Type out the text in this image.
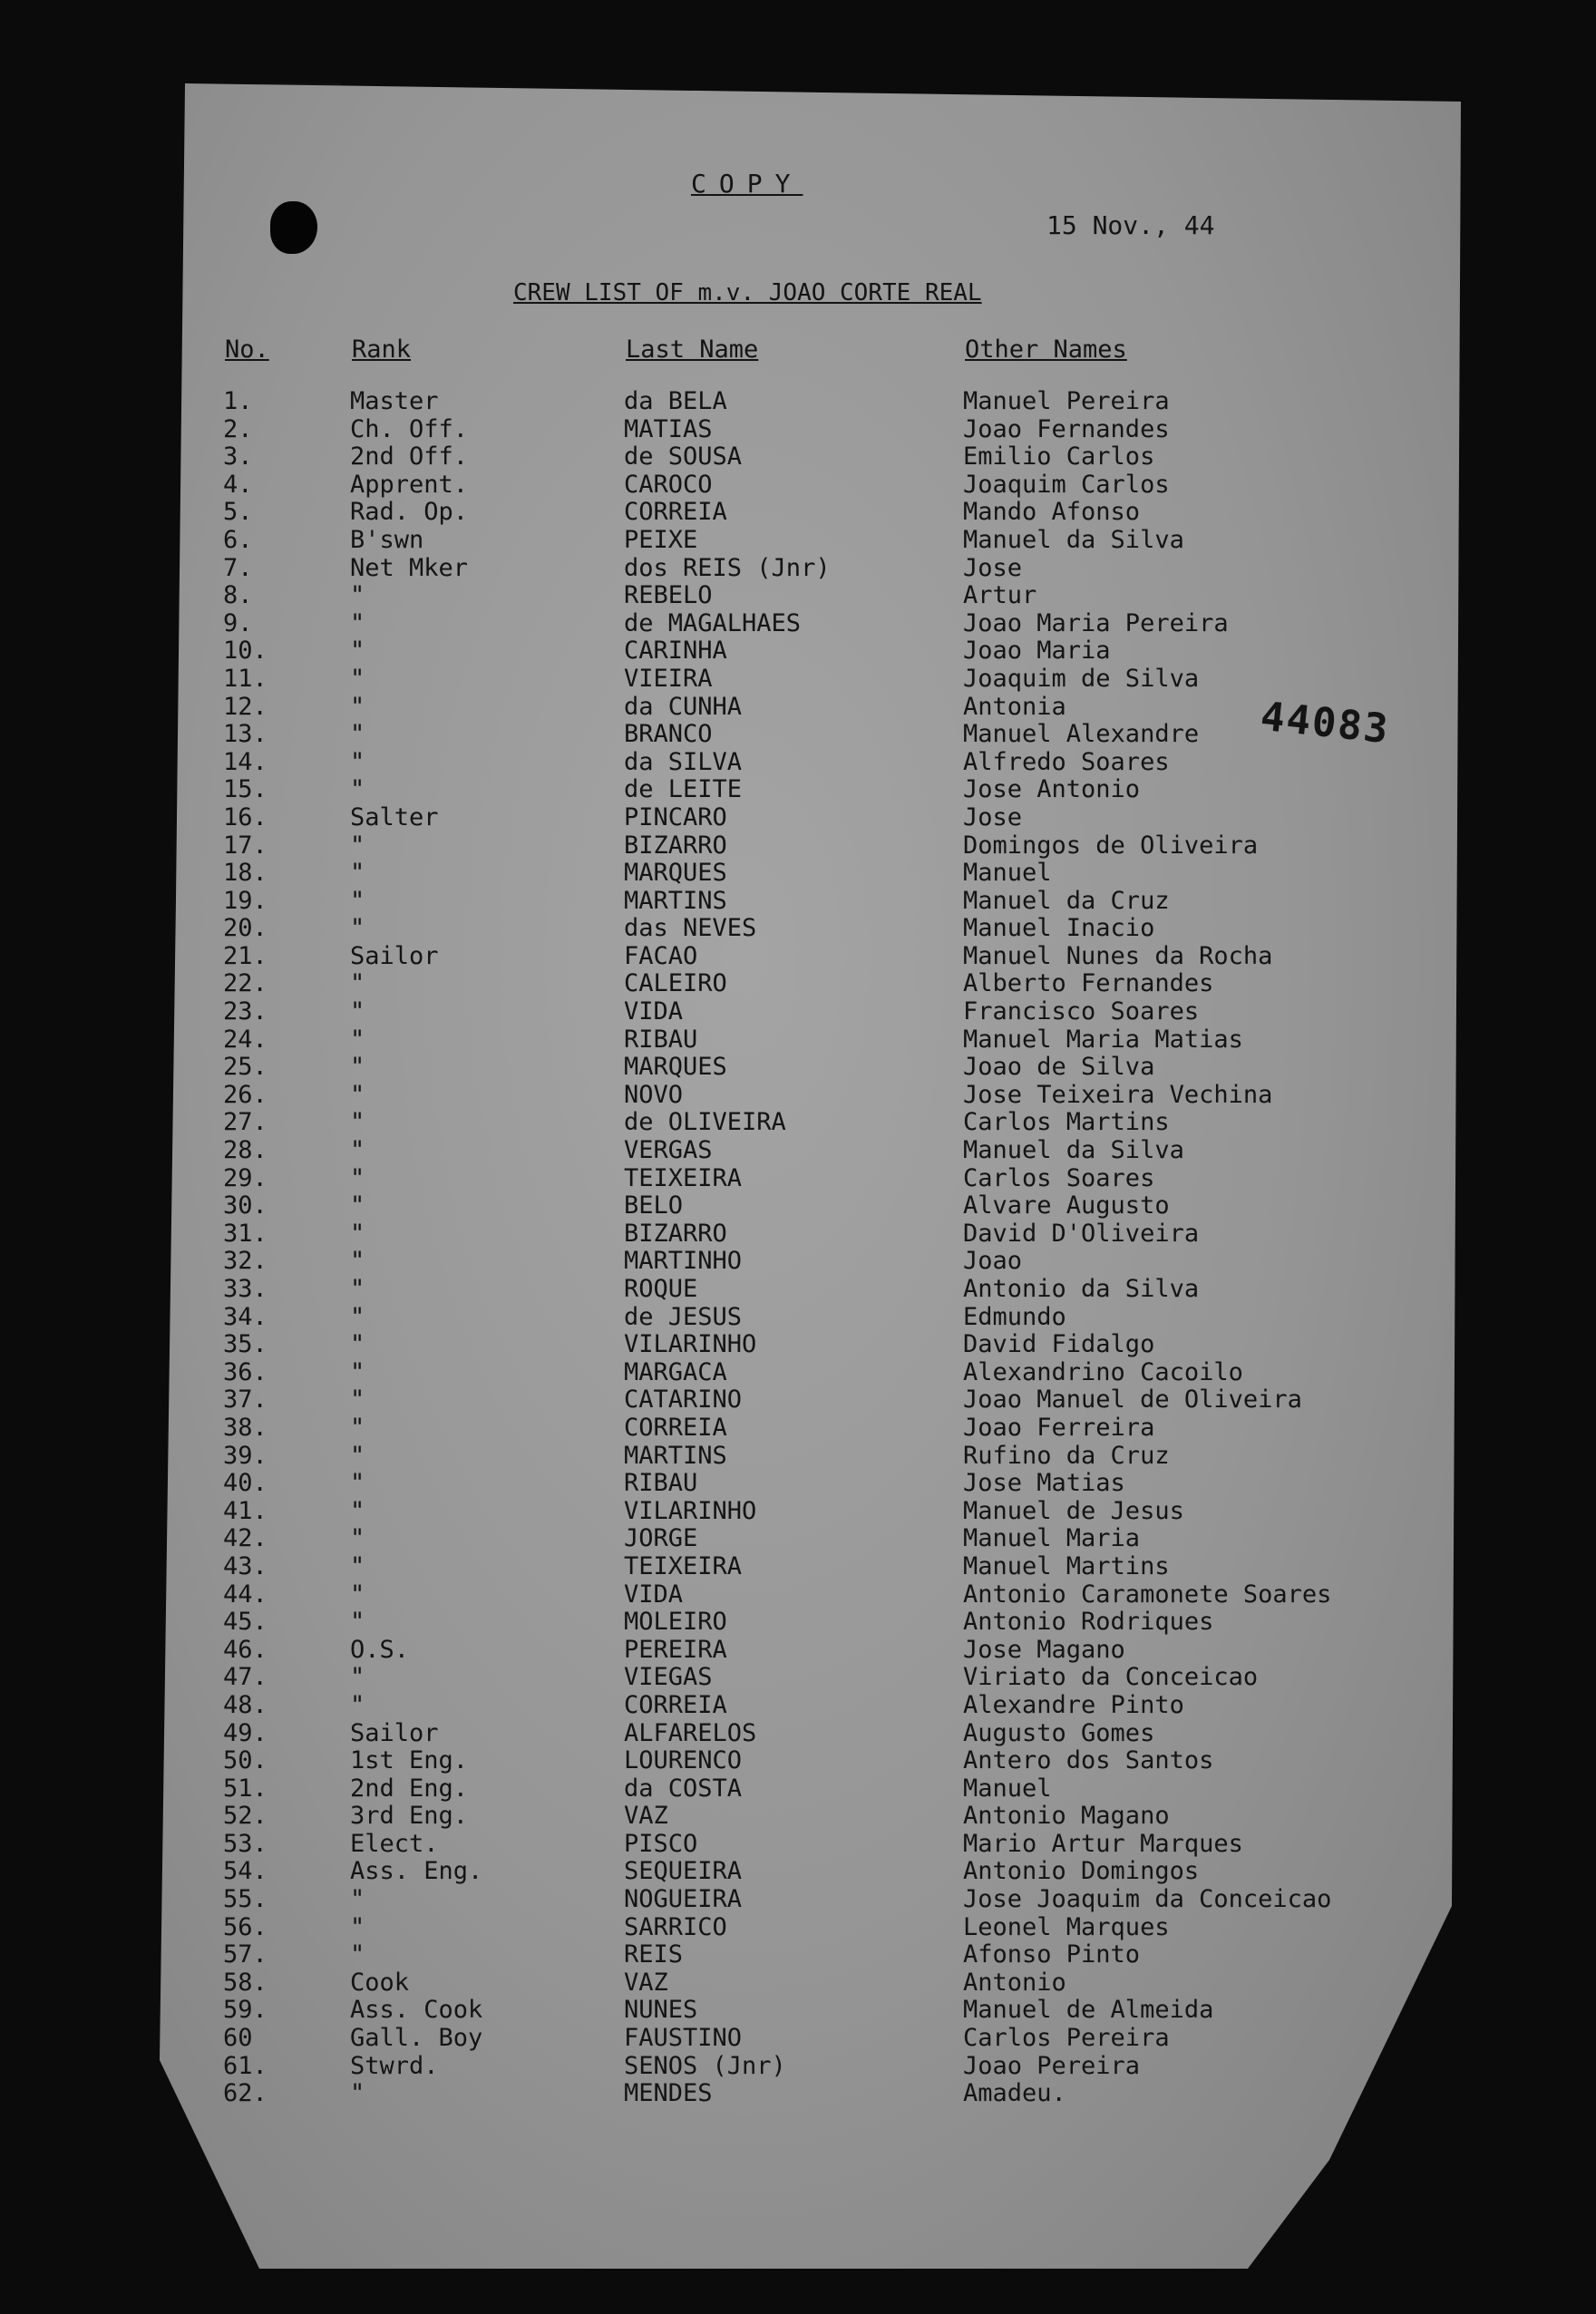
COPY
15 Nov., 44
CREW LIST OF m.v. JOAO CORTE REAL
44083
No.	Rank	Last Name	Other Names
1.	Master	da BELA	Manuel Pereira
2.	Ch. Off.	MATIAS	Joao Fernandes
3.	2nd Off.	de SOUSA	Emilio Carlos
4.	Apprent.	CAROCO	Joaquim Carlos
5.	Rad. Op.	CORREIA	Mando Afonso
6.	B'swn	PEIXE	Manuel da Silva
7.	Net Mker	dos REIS (Jnr)	Jose
8.	"	REBELO	Artur
9.	"	de MAGALHAES	Joao Maria Pereira
10.	"	CARINHA	Joao Maria
11.	"	VIEIRA	Joaquim de Silva
12.	"	da CUNHA	Antonia
13.	"	BRANCO	Manuel Alexandre
14.	"	da SILVA	Alfredo Soares
15.	"	de LEITE	Jose Antonio
16.	Salter	PINCARO	Jose
17.	"	BIZARRO	Domingos de Oliveira
18.	"	MARQUES	Manuel
19.	"	MARTINS	Manuel da Cruz
20.	"	das NEVES	Manuel Inacio
21.	Sailor	FACAO	Manuel Nunes da Rocha
22.	"	CALEIRO	Alberto Fernandes
23.	"	VIDA	Francisco Soares
24.	"	RIBAU	Manuel Maria Matias
25.	"	MARQUES	Joao de Silva
26.	"	NOVO	Jose Teixeira Vechina
27.	"	de OLIVEIRA	Carlos Martins
28.	"	VERGAS	Manuel da Silva
29.	"	TEIXEIRA	Carlos Soares
30.	"	BELO	Alvare Augusto
31.	"	BIZARRO	David D'Oliveira
32.	"	MARTINHO	Joao
33.	"	ROQUE	Antonio da Silva
34.	"	de JESUS	Edmundo
35.	"	VILARINHO	David Fidalgo
36.	"	MARGACA	Alexandrino Cacoilo
37.	"	CATARINO	Joao Manuel de Oliveira
38.	"	CORREIA	Joao Ferreira
39.	"	MARTINS	Rufino da Cruz
40.	"	RIBAU	Jose Matias
41.	"	VILARINHO	Manuel de Jesus
42.	"	JORGE	Manuel Maria
43.	"	TEIXEIRA	Manuel Martins
44.	"	VIDA	Antonio Caramonete Soares
45.	"	MOLEIRO	Antonio Rodriques
46.	O.S.	PEREIRA	Jose Magano
47.	"	VIEGAS	Viriato da Conceicao
48.	"	CORREIA	Alexandre Pinto
49.	Sailor	ALFARELOS	Augusto Gomes
50.	1st Eng.	LOURENCO	Antero dos Santos
51.	2nd Eng.	da COSTA	Manuel
52.	3rd Eng.	VAZ	Antonio Magano
53.	Elect.	PISCO	Mario Artur Marques
54.	Ass. Eng.	SEQUEIRA	Antonio Domingos
55.	"	NOGUEIRA	Jose Joaquim da Conceicao
56.	"	SARRICO	Leonel Marques
57.	"	REIS	Afonso Pinto
58.	Cook	VAZ	Antonio
59.	Ass. Cook	NUNES	Manuel de Almeida
60	Gall. Boy	FAUSTINO	Carlos Pereira
61.	Stwrd.	SENOS (Jnr)	Joao Pereira
62.	"	MENDES	Amadeu.
